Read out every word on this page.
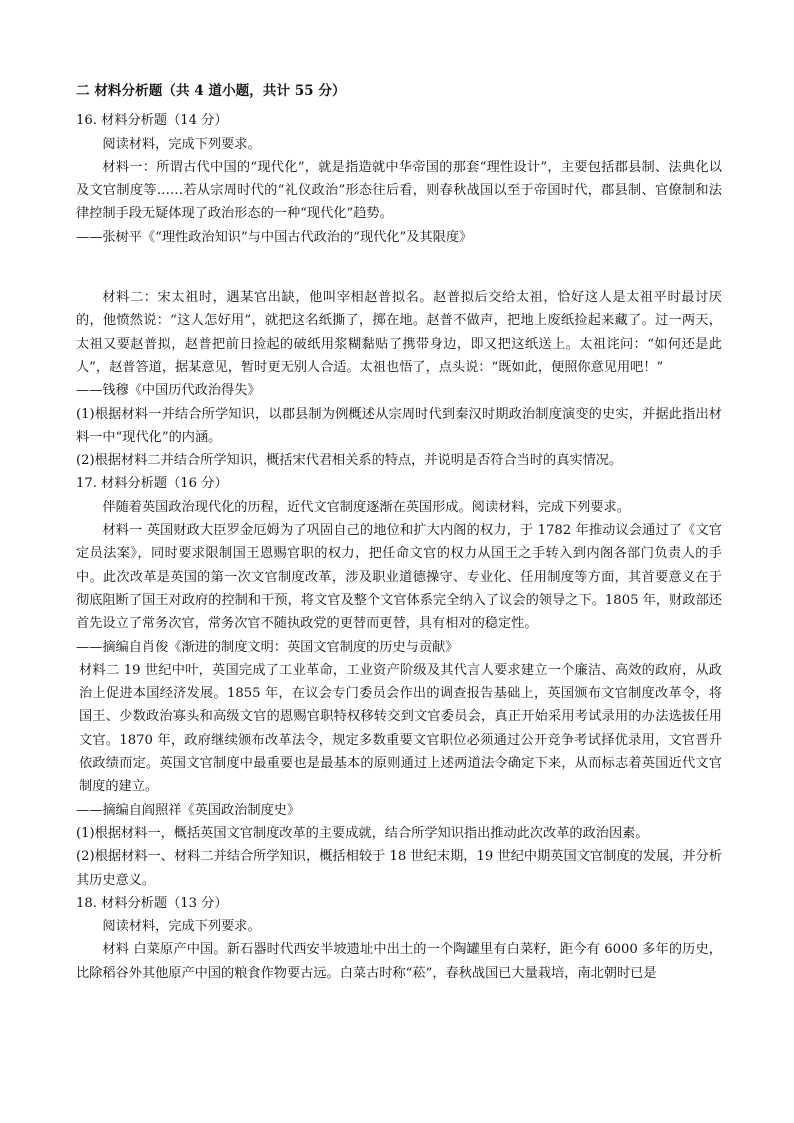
二 材料分析题（共 4 道小题，共计 55 分）

16. 材料分析题（14 分）

阅读材料，完成下列要求。

材料一：所谓古代中国的“现代化”，就是指造就中华帝国的那套“理性设计”，主要包括郡县制、法典化以及文官制度等……若从宗周时代的“礼仪政治”形态往后看，则春秋战国以至于帝国时代，郡县制、官僚制和法律控制手段无疑体现了政治形态的一种“现代化”趋势。

——张树平《“理性政治知识”与中国古代政治的“现代化”及其限度》

材料二：宋太祖时，遇某官出缺，他叫宰相赵普拟名。赵普拟后交给太祖，恰好这人是太祖平时最讨厌的，他愤然说：“这人怎好用”，就把这名纸撕了，掷在地。赵普不做声，把地上废纸捡起来藏了。过一两天，太祖又要赵普拟，赵普把前日捡起的破纸用浆糊黏贴了携带身边，即又把这纸送上。太祖诧问：“如何还是此人”，赵普答道，据某意见，暂时更无别人合适。太祖也悟了，点头说：“既如此，便照你意见用吧！”

——钱穆《中国历代政治得失》

(1)根据材料一并结合所学知识，以郡县制为例概述从宗周时代到秦汉时期政治制度演变的史实，并据此指出材料一中“现代化”的内涵。

(2)根据材料二并结合所学知识，概括宋代君相关系的特点，并说明是否符合当时的真实情况。

17. 材料分析题（16 分）

伴随着英国政治现代化的历程，近代文官制度逐渐在英国形成。阅读材料，完成下列要求。

材料一 英国财政大臣罗金厄姆为了巩固自己的地位和扩大内阁的权力，于 1782 年推动议会通过了《文官定员法案》，同时要求限制国王恩赐官职的权力，把任命文官的权力从国王之手转入到内阁各部门负责人的手中。此次改革是英国的第一次文官制度改革，涉及职业道德操守、专业化、任用制度等方面，其首要意义在于彻底阻断了国王对政府的控制和干预，将文官及整个文官体系完全纳入了议会的领导之下。1805 年，财政部还首先设立了常务次官，常务次官不随执政党的更替而更替，具有相对的稳定性。

——摘编自肖俊《渐进的制度文明：英国文官制度的历史与贡献》

材料二 19 世纪中叶，英国完成了工业革命，工业资产阶级及其代言人要求建立一个廉洁、高效的政府，从政治上促进本国经济发展。1855 年，在议会专门委员会作出的调查报告基础上，英国颁布文官制度改革令，将国王、少数政治寡头和高级文官的恩赐官职特权移转交到文官委员会，真正开始采用考试录用的办法选拔任用文官。1870 年，政府继续颁布改革法令，规定多数重要文官职位必须通过公开竞争考试择优录用，文官晋升依政绩而定。英国文官制度中最重要也是最基本的原则通过上述两道法令确定下来，从而标志着英国近代文官制度的建立。

——摘编自阎照祥《英国政治制度史》

(1)根据材料一，概括英国文官制度改革的主要成就，结合所学知识指出推动此次改革的政治因素。

(2)根据材料一、材料二并结合所学知识，概括相较于 18 世纪末期，19 世纪中期英国文官制度的发展，并分析其历史意义。

18. 材料分析题（13 分）

阅读材料，完成下列要求。

材料 白菜原产中国。新石器时代西安半坡遗址中出土的一个陶罐里有白菜籽，距今有 6000 多年的历史，比除稻谷外其他原产中国的粮食作物要古远。白菜古时称“菘”，春秋战国已大量栽培，南北朝时已是
